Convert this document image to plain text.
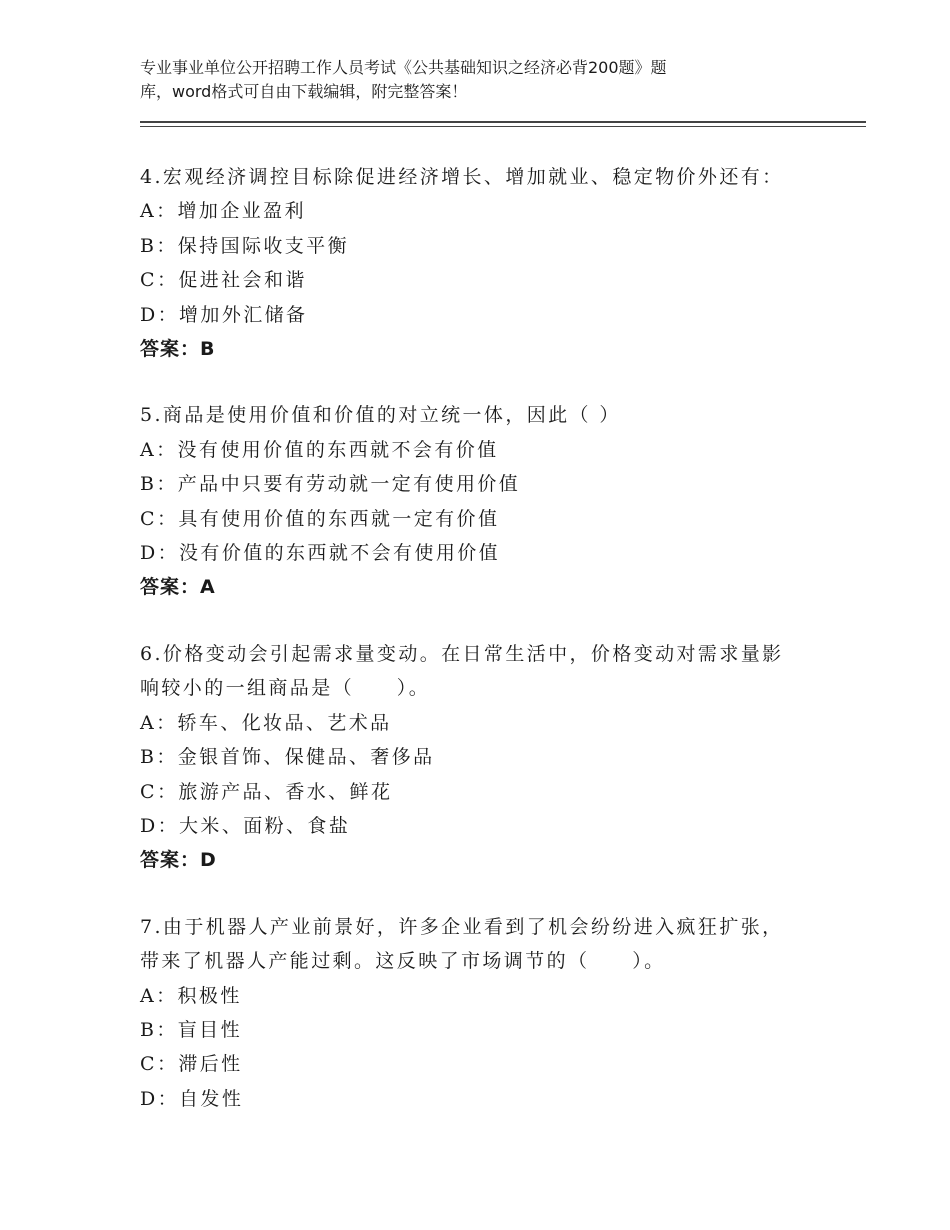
专业事业单位公开招聘工作人员考试《公共基础知识之经济必背200题》题
库，word格式可自由下载编辑，附完整答案！
4.宏观经济调控目标除促进经济增长、增加就业、稳定物价外还有：
A：增加企业盈利
B：保持国际收支平衡
C：促进社会和谐
D：增加外汇储备
答案：B
5.商品是使用价值和价值的对立统一体，因此（ ）
A：没有使用价值的东西就不会有价值
B：产品中只要有劳动就一定有使用价值
C：具有使用价值的东西就一定有价值
D：没有价值的东西就不会有使用价值
答案：A
6.价格变动会引起需求量变动。在日常生活中，价格变动对需求量影
响较小的一组商品是（　　）。
A：轿车、化妆品、艺术品
B：金银首饰、保健品、奢侈品
C：旅游产品、香水、鲜花
D：大米、面粉、食盐
答案：D
7.由于机器人产业前景好，许多企业看到了机会纷纷进入疯狂扩张，
带来了机器人产能过剩。这反映了市场调节的（　　）。
A：积极性
B：盲目性
C：滞后性
D：自发性
